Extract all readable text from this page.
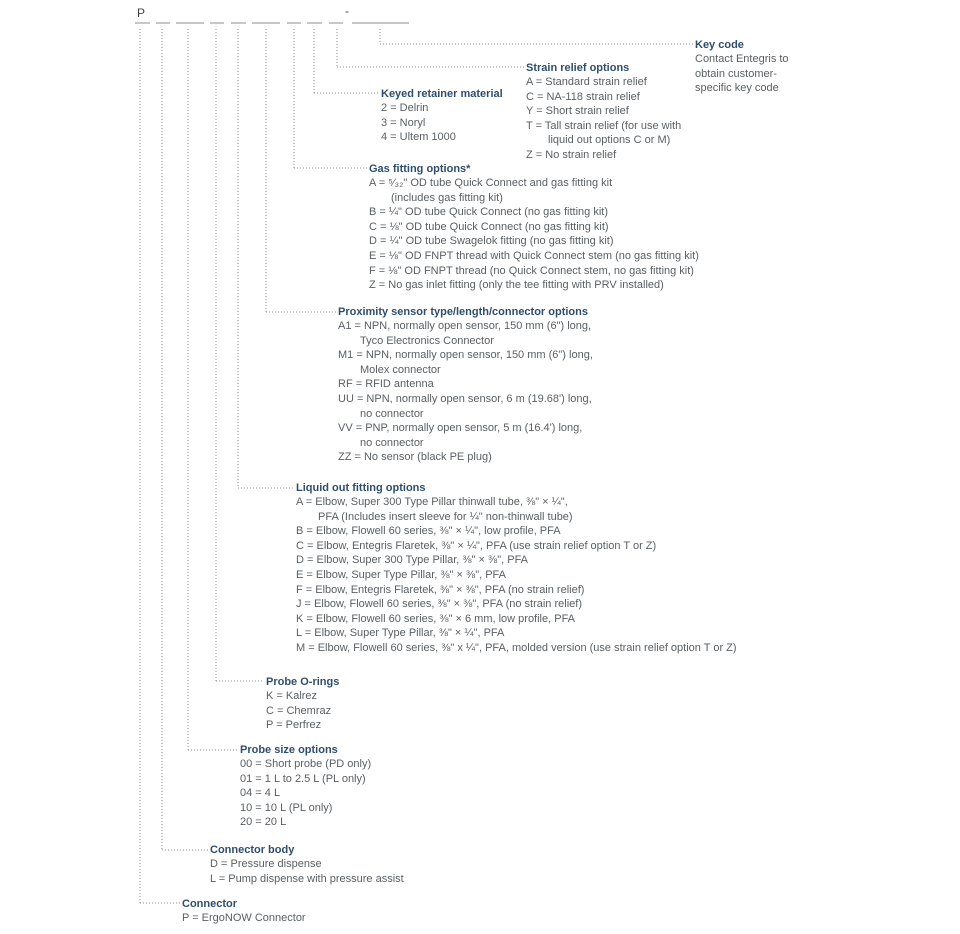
P	-
Key code
Contact Entegris to
obtain customer-
specific key code
Strain relief options
A = Standard strain relief
C = NA-118 strain relief
Y = Short strain relief
T = Tall strain relief (for use with
liquid out options C or M)
Z = No strain relief
Keyed retainer material
2 = Delrin
3 = Noryl
4 = Ultem 1000
Gas fitting options*
A = ⁵⁄₃₂" OD tube Quick Connect and gas fitting kit
(includes gas fitting kit)
B = ¼" OD tube Quick Connect (no gas fitting kit)
C = ⅛" OD tube Quick Connect (no gas fitting kit)
D = ¼" OD tube Swagelok fitting (no gas fitting kit)
E = ⅛" OD FNPT thread with Quick Connect stem (no gas fitting kit)
F = ⅛" OD FNPT thread (no Quick Connect stem, no gas fitting kit)
Z = No gas inlet fitting (only the tee fitting with PRV installed)
Proximity sensor type/length/connector options
A1 = NPN, normally open sensor, 150 mm (6") long,
Tyco Electronics Connector
M1 = NPN, normally open sensor, 150 mm (6") long,
Molex connector
RF = RFID antenna
UU = NPN, normally open sensor, 6 m (19.68') long,
no connector
VV = PNP, normally open sensor, 5 m (16.4') long,
no connector
ZZ = No sensor (black PE plug)
Liquid out fitting options
A = Elbow, Super 300 Type Pillar thinwall tube, ⅜" × ¼",
PFA (Includes insert sleeve for ¼" non-thinwall tube)
B = Elbow, Flowell 60 series, ⅜" × ¼", low profile, PFA
C = Elbow, Entegris Flaretek, ⅜" × ¼", PFA (use strain relief option T or Z)
D = Elbow, Super 300 Type Pillar, ⅜" × ⅜", PFA
E = Elbow, Super Type Pillar, ⅜" × ⅜", PFA
F = Elbow, Entegris Flaretek, ⅜" × ⅜", PFA (no strain relief)
J = Elbow, Flowell 60 series, ⅜" × ⅜", PFA (no strain relief)
K = Elbow, Flowell 60 series, ⅜" × 6 mm, low profile, PFA
L = Elbow, Super Type Pillar, ⅜" × ¼", PFA
M = Elbow, Flowell 60 series, ⅜" x ¼", PFA, molded version (use strain relief option T or Z)
Probe O-rings
K = Kalrez
C = Chemraz
P = Perfrez
Probe size options
00 = Short probe (PD only)
01 = 1 L to 2.5 L (PL only)
04 = 4 L
10 = 10 L (PL only)
20 = 20 L
Connector body
D = Pressure dispense
L = Pump dispense with pressure assist
Connector
P = ErgoNOW Connector
